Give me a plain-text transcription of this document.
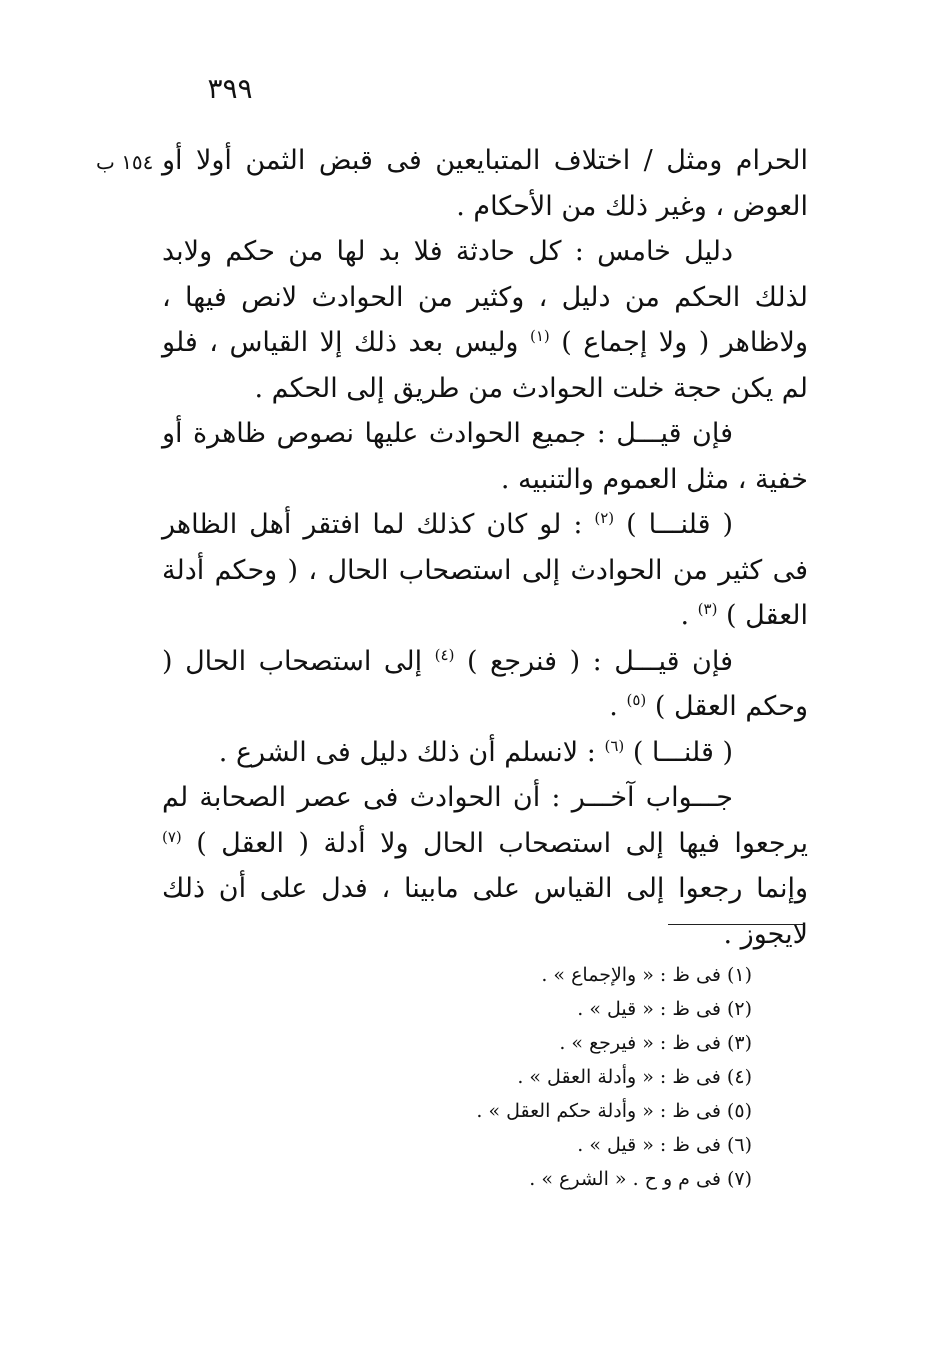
٣٩٩
١٥٤ ب الحرام ومثل / اختلاف المتبايعين فى قبض الثمن أولا أو العوض ، وغير ذلك من الأحكام .

دليل خامس : كل حادثة فلا بد لها من حكم ولابد لذلك الحكم من دليل ، وكثير من الحوادث لانص فيها ، ولاظاهر ( ولا إجماع ) $^{(١)}$ وليس بعد ذلك إلا القياس ، فلو لم يكن حجة خلت الحوادث من طريق إلى الحكم .

فإن قيـــل : جميع الحوادث عليها نصوص ظاهرة أو خفية ، مثل العموم والتنبيه .

( قلنـــا ) $^{(٢)}$ : لو كان كذلك لما افتقر أهل الظاهر فى كثير من الحوادث إلى استصحاب الحال ، ( وحكم أدلة العقل ) $^{(٣)}$ .

فإن قيـــل : ( فنرجع ) $^{(٤)}$ إلى استصحاب الحال ( وحكم العقل ) $^{(٥)}$ .

( قلنـــا ) $^{(٦)}$ : لانسلم أن ذلك دليل فى الشرع .

جـــواب آخـــر : أن الحوادث فى عصر الصحابة لم يرجعوا فيها إلى استصحاب الحال ولا أدلة ( العقل ) $^{(٧)}$ وإنما رجعوا إلى القياس على مابينا ، فدل على أن ذلك لايجوز .

(١) فى ظ : « والإجماع » .
(٢) فى ظ : « قيل » .
(٣) فى ظ : « فيرجع » .
(٤) فى ظ : « وأدلة العقل » .
(٥) فى ظ : « وأدلة حكم العقل » .
(٦) فى ظ : « قيل » .
(٧) فى م و ح . « الشرع » .
